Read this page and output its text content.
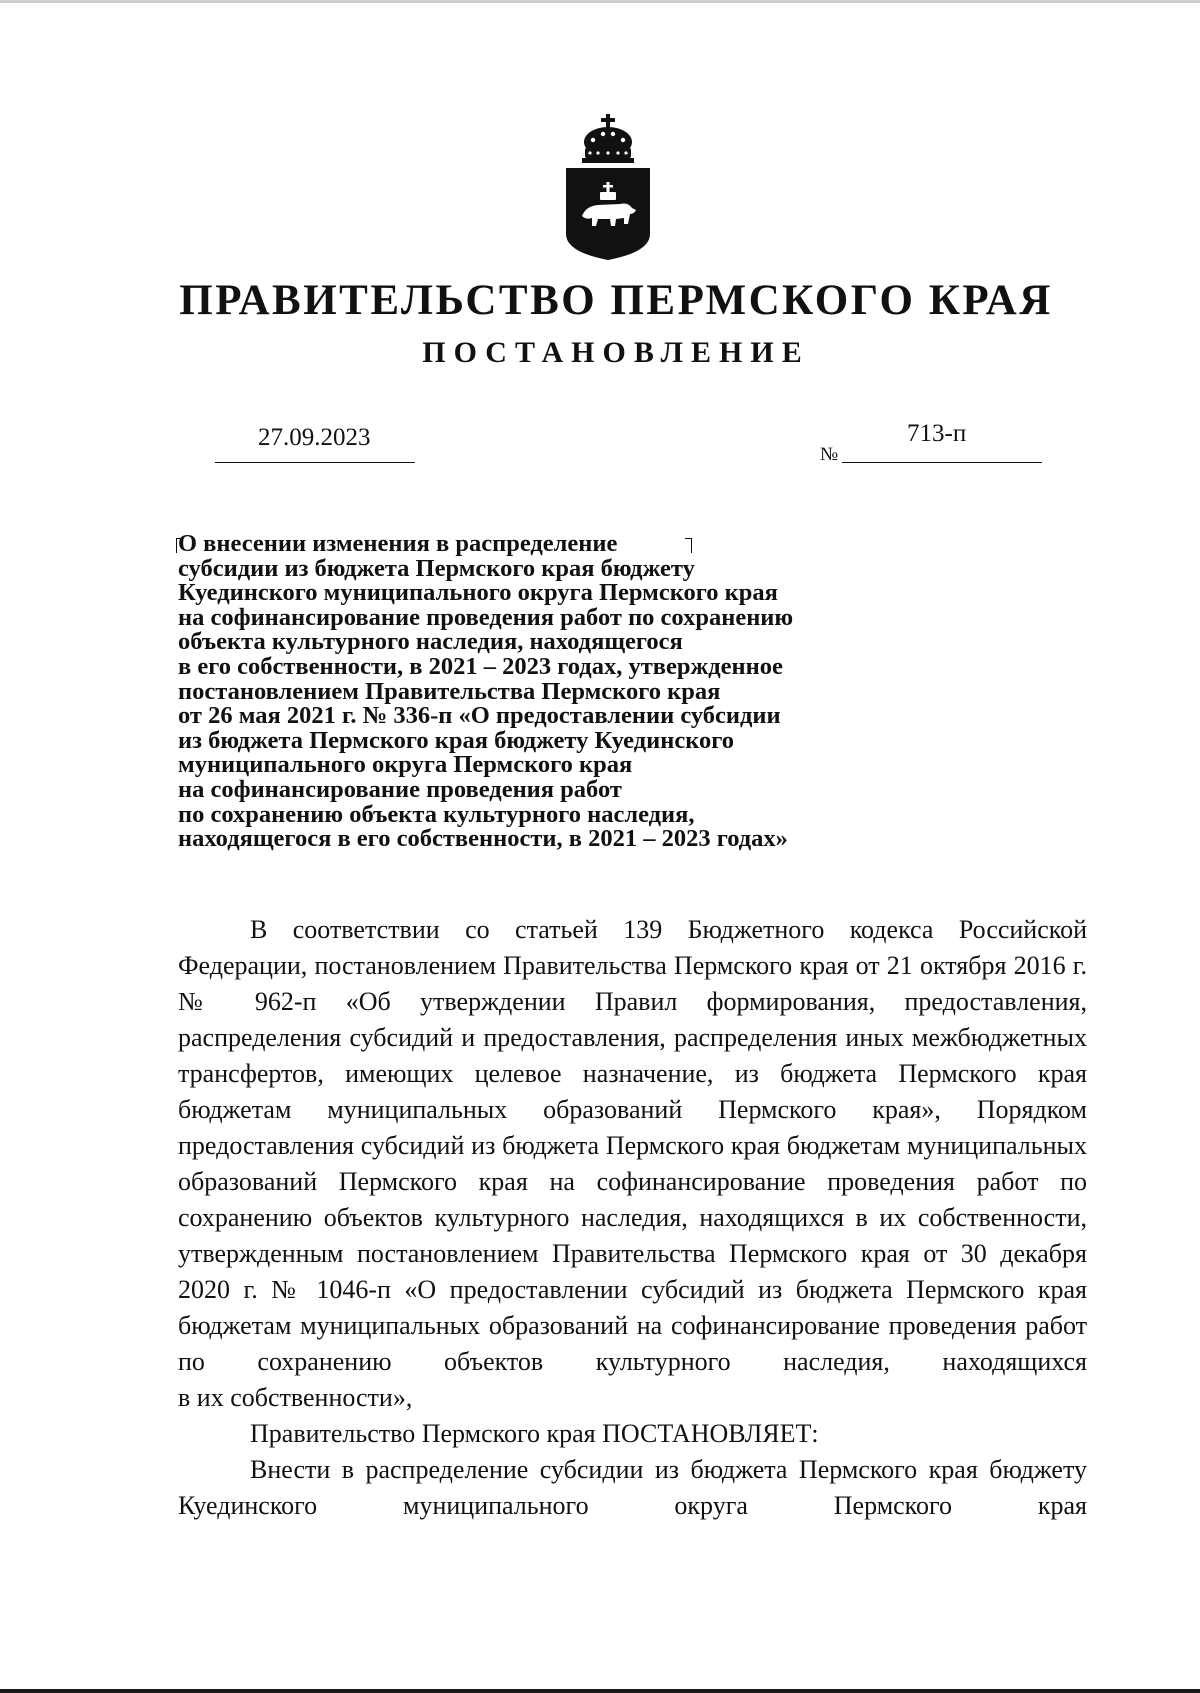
ПРАВИТЕЛЬСТВО ПЕРМСКОГО КРАЯ
ПОСТАНОВЛЕНИЕ
27.09.2023
№
713-п
О внесении изменения в распределение
субсидии из бюджета Пермского края бюджету
Куединского муниципального округа Пермского края
на софинансирование проведения работ по сохранению
объекта культурного наследия, находящегося
в его собственности, в 2021 – 2023 годах, утвержденное
постановлением Правительства Пермского края
от 26 мая 2021 г. № 336-п «О предоставлении субсидии
из бюджета Пермского края бюджету Куединского
муниципального округа Пермского края
на софинансирование проведения работ
по сохранению объекта культурного наследия,
находящегося в его собственности, в 2021 – 2023 годах»

В соответствии со статьей 139 Бюджетного кодекса Российской Федерации, постановлением Правительства Пермского края от 21 октября 2016 г. № 962-п «Об утверждении Правил формирования, предоставления, распределения субсидий и предоставления, распределения иных межбюджетных трансфертов, имеющих целевое назначение, из бюджета Пермского края бюджетам муниципальных образований Пермского края», Порядком предоставления субсидий из бюджета Пермского края бюджетам муниципальных образований Пермского края на софинансирование проведения работ по сохранению объектов культурного наследия, находящихся в их собственности, утвержденным постановлением Правительства Пермского края от 30 декабря 2020 г. № 1046-п «О предоставлении субсидий из бюджета Пермского края бюджетам муниципальных образований на софинансирование проведения работ по сохранению объектов культурного наследия, находящихся

в их собственности»,

Правительство Пермского края ПОСТАНОВЛЯЕТ:

Внести в распределение субсидии из бюджета Пермского края бюджету Куединского муниципального округа Пермского края
